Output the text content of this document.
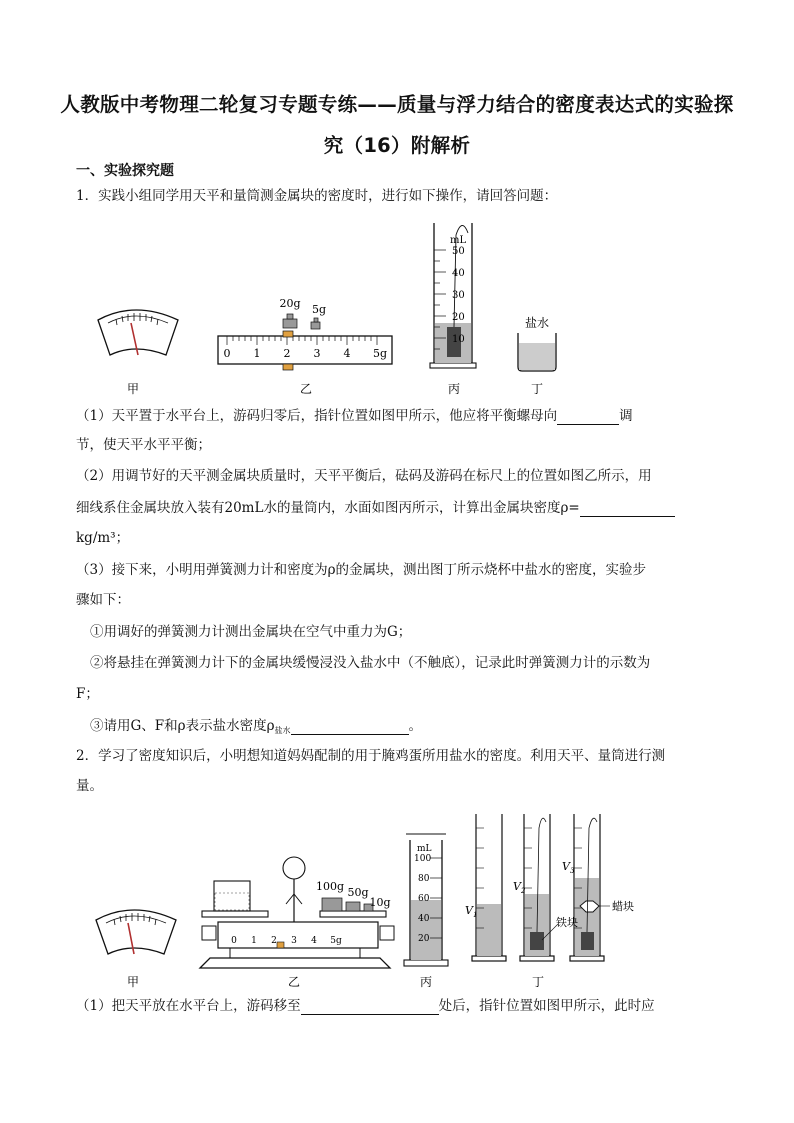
人教版中考物理二轮复习专题专练——质量与浮力结合的密度表达式的实验探
究（16）附解析
一、实验探究题
1．实践小组同学用天平和量筒测金属块的密度时，进行如下操作，请回答问题：
甲
20g 5g
0 1 2 3 4 5g
乙
mL
50
40
30
20
10
丙
盐水
丁
（1）天平置于水平台上，游码归零后，指针位置如图甲所示，他应将平衡螺母向	调
节，使天平水平平衡；
（2）用调节好的天平测金属块质量时，天平平衡后，砝码及游码在标尺上的位置如图乙所示，用
细线系住金属块放入装有20mL水的量筒内，水面如图丙所示，计算出金属块密度ρ=
kg/m³；
（3）接下来，小明用弹簧测力计和密度为ρ的金属块，测出图丁所示烧杯中盐水的密度，实验步
骤如下：
①用调好的弹簧测力计测出金属块在空气中重力为G；
②将悬挂在弹簧测力计下的金属块缓慢浸没入盐水中（不触底），记录此时弹簧测力计的示数为
F；
③请用G、F和ρ表示盐水密度$\rho_{盐水}$	。
2．学习了密度知识后，小明想知道妈妈配制的用于腌鸡蛋所用盐水的密度。利用天平、量筒进行测
量。
甲
100g 50g
10g
0 1 2 3 4 5g
乙
mL
100
80
60
40
20
丙
$V_1$
$V_2$
$V_3$
铁块
蜡块
丁
（1）把天平放在水平台上，游码移至	处后，指针位置如图甲所示，此时应
